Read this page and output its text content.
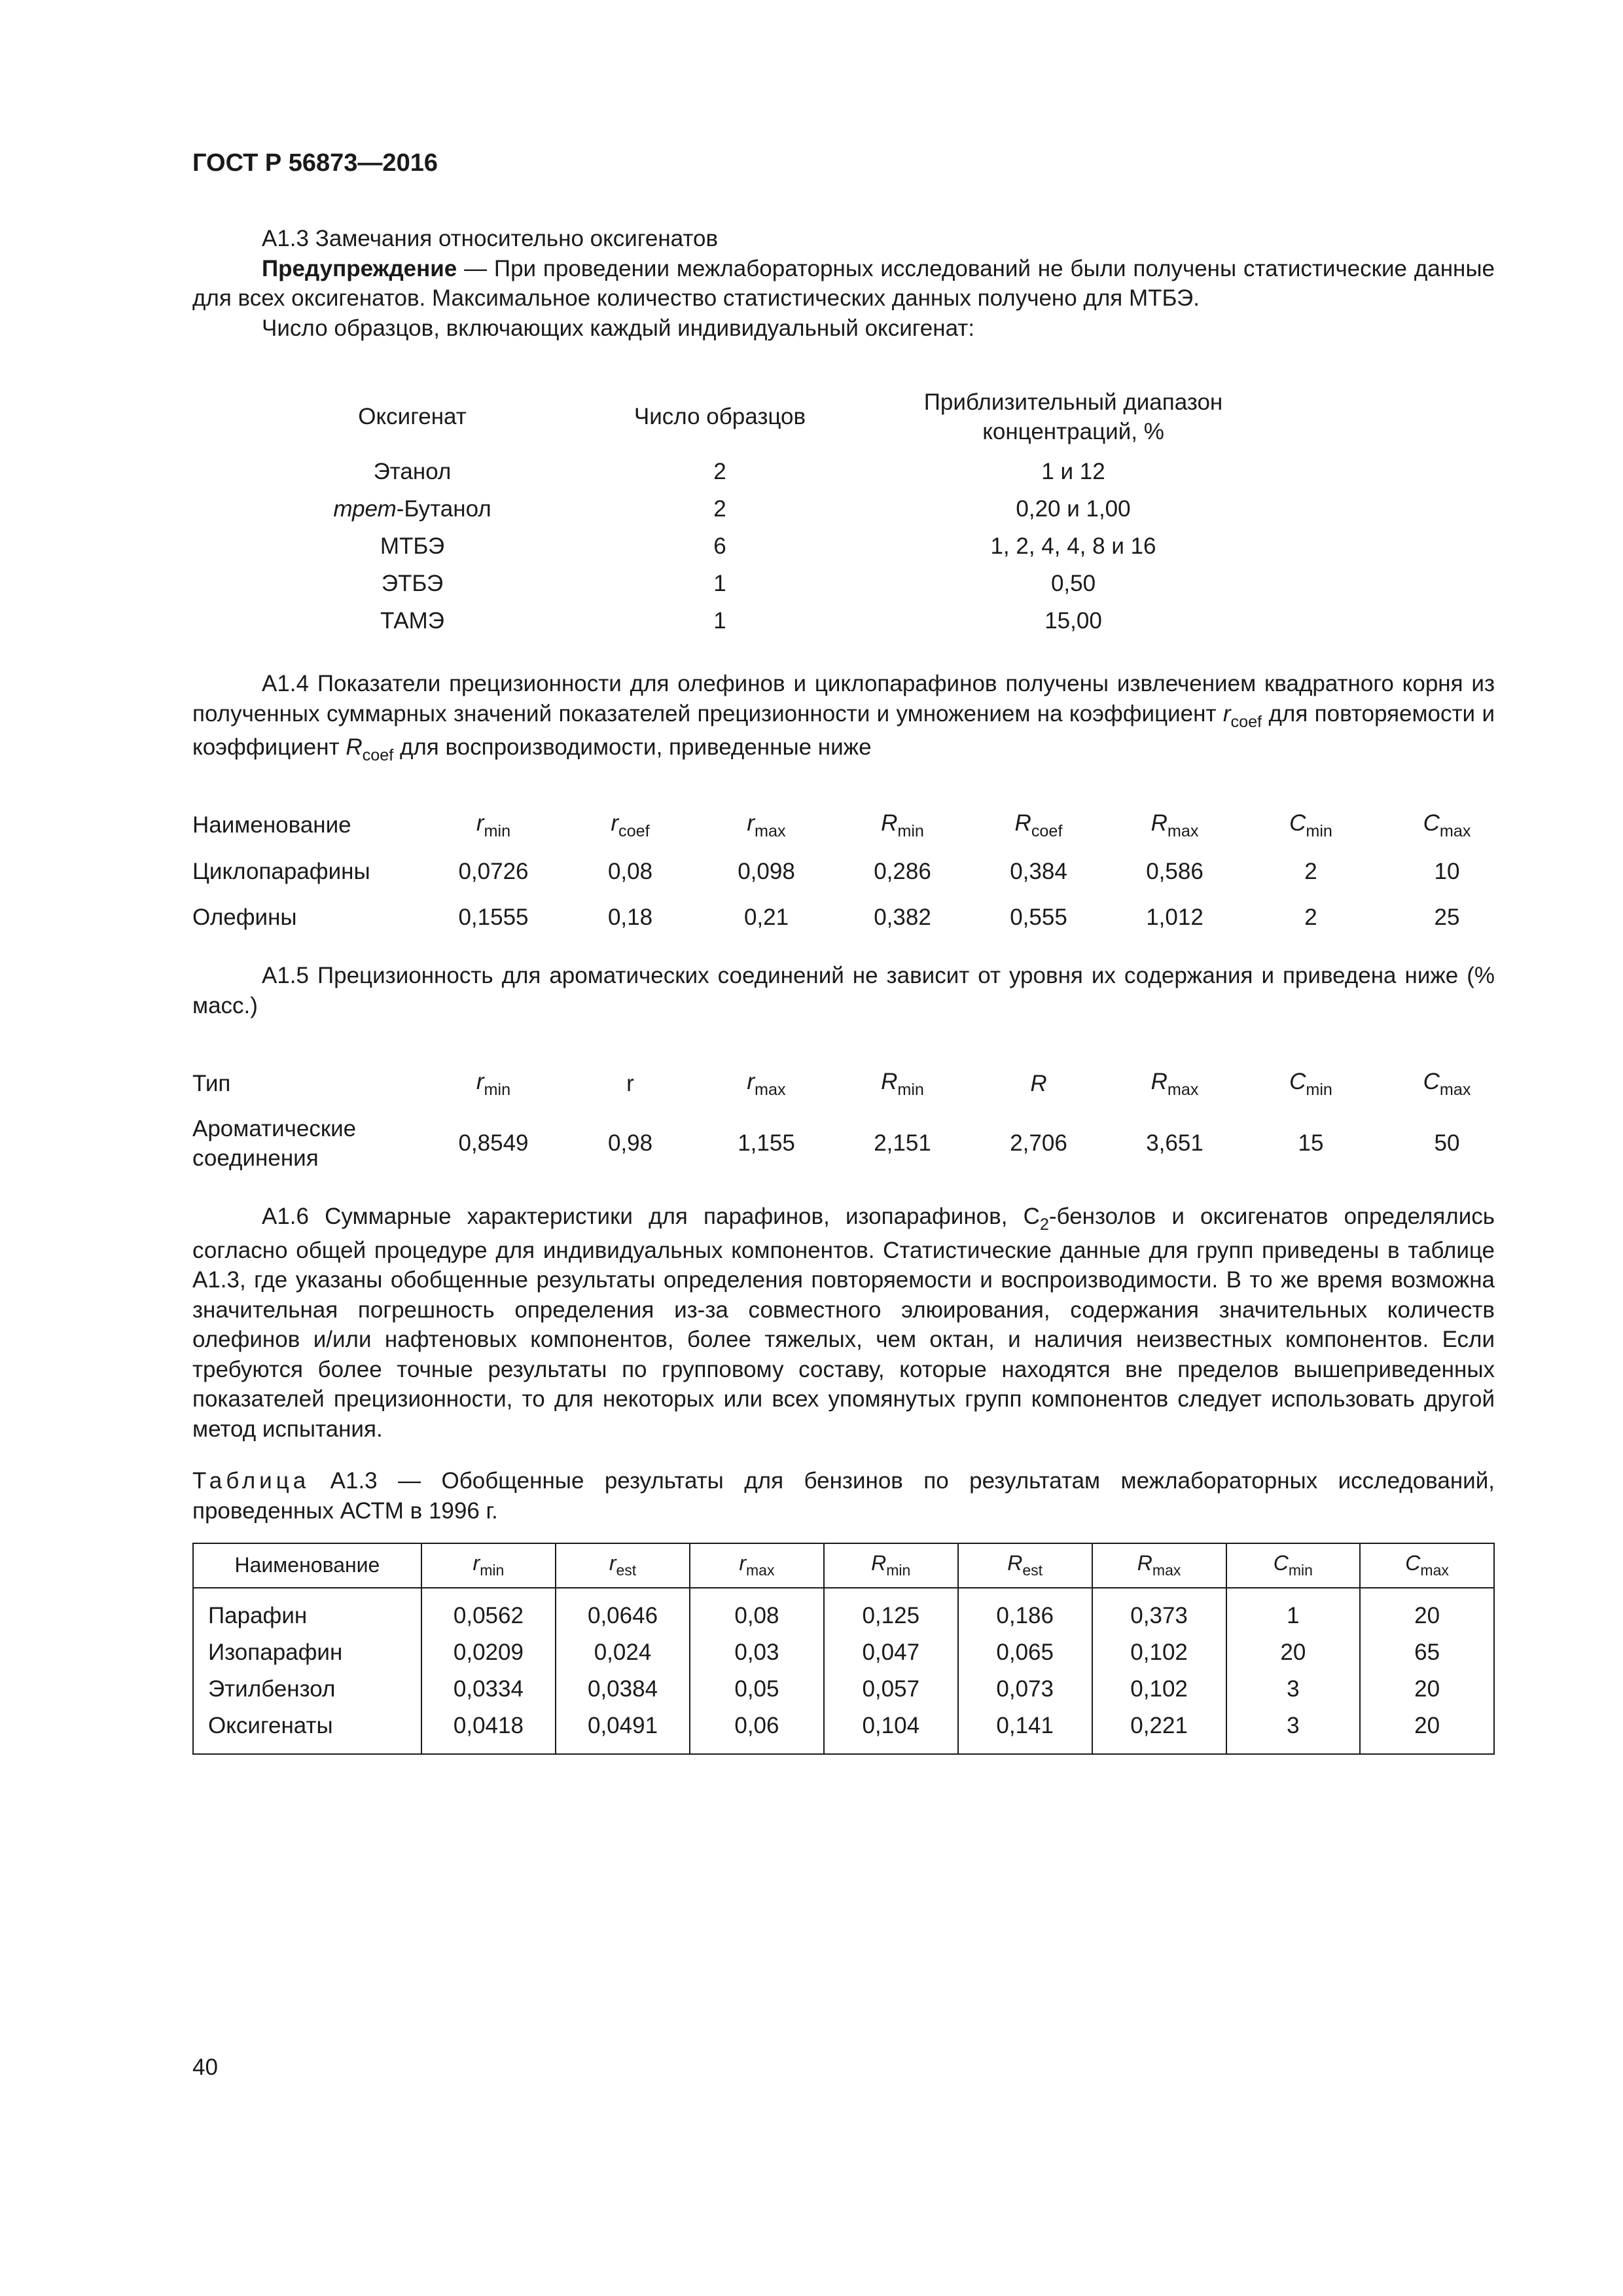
ГОСТ Р 56873—2016

А1.3 Замечания относительно оксигенатов

Предупреждение — При проведении межлабораторных исследований не были получены статистические данные для всех оксигенатов. Максимальное количество статистических данных получено для МТБЭ.

Число образцов, включающих каждый индивидуальный оксигенат:

Оксигенат	Число образцов	Приблизительный диапазон концентраций, %
Этанол	2	1 и 12
трет-Бутанол	2	0,20 и 1,00
МТБЭ	6	1, 2, 4, 4, 8 и 16
ЭТБЭ	1	0,50
ТАМЭ	1	15,00

А1.4 Показатели прецизионности для олефинов и циклопарафинов получены извлечением квадратного корня из полученных суммарных значений показателей прецизионности и умножением на коэффициент $r_{coef}$ для повторяемости и коэффициент $R_{coef}$ для воспроизводимости, приведенные ниже

Наименование	$r_{min}$	$r_{coef}$	$r_{max}$	$R_{min}$	$R_{coef}$	$R_{max}$	$C_{min}$	$C_{max}$
Циклопарафины	0,0726	0,08	0,098	0,286	0,384	0,586	2	10
Олефины	0,1555	0,18	0,21	0,382	0,555	1,012	2	25

А1.5 Прецизионность для ароматических соединений не зависит от уровня их содержания и приведена ниже (% масс.)

Тип	$r_{min}$	r	$r_{max}$	$R_{min}$	R	$R_{max}$	$C_{min}$	$C_{max}$
Ароматические
соединения	0,8549	0,98	1,155	2,151	2,706	3,651	15	50

А1.6 Суммарные характеристики для парафинов, изопарафинов, $С_2$-бензолов и оксигенатов определялись согласно общей процедуре для индивидуальных компонентов. Статистические данные для групп приведены в таблице А1.3, где указаны обобщенные результаты определения повторяемости и воспроизводимости. В то же время возможна значительная погрешность определения из-за совместного элюирования, содержания значительных количеств олефинов и/или нафтеновых компонентов, более тяжелых, чем октан, и наличия неизвестных компонентов. Если требуются более точные результаты по групповому составу, которые находятся вне пределов вышеприведенных показателей прецизионности, то для некоторых или всех упомянутых групп компонентов следует использовать другой метод испытания.

Таблица А1.3 — Обобщенные результаты для бензинов по результатам межлабораторных исследований, проведенных АСТМ в 1996 г.

Наименование	$r_{min}$	$r_{est}$	$r_{max}$	$R_{min}$	$R_{est}$	$R_{max}$	$C_{min}$	$C_{max}$
Парафин	0,0562	0,0646	0,08	0,125	0,186	0,373	1	20
Изопарафин	0,0209	0,024	0,03	0,047	0,065	0,102	20	65
Этилбензол	0,0334	0,0384	0,05	0,057	0,073	0,102	3	20
Оксигенаты	0,0418	0,0491	0,06	0,104	0,141	0,221	3	20
40
